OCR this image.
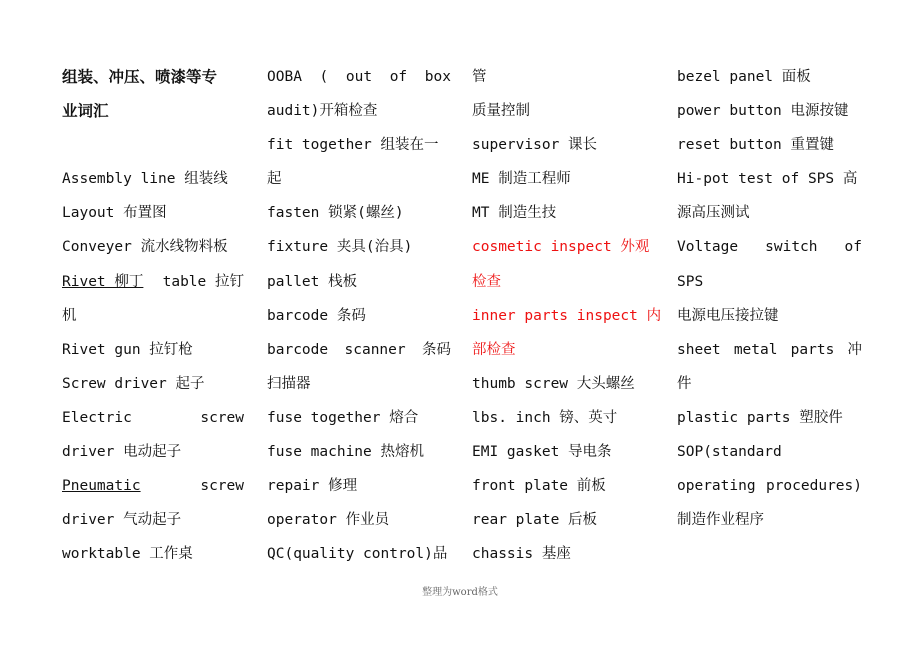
组装、冲压、喷漆等专
业词汇
Assembly line 组装线
Layout 布置图
Conveyer 流水线物料板
Rivet 柳丁 table 拉钉
机
Rivet gun 拉钉枪
Screw driver 起子
Electric	screw
driver 电动起子
Pneumatic	screw
driver 气动起子
worktable 工作桌
OOBA ( out of box
audit)开箱检查
fit together 组装在一
起
fasten 锁紧(螺丝)
fixture 夹具(治具)
pallet 栈板
barcode 条码
barcode scanner 条码
扫描器
fuse together 熔合
fuse machine 热熔机
repair 修理
operator 作业员
QC(quality control)品
管
质量控制
supervisor 课长
ME 制造工程师
MT 制造生技
cosmetic inspect 外观
检查
inner parts inspect 内
部检查
thumb screw 大头螺丝
lbs. inch 镑、英寸
EMI gasket 导电条
front plate 前板
rear plate 后板
chassis 基座
bezel panel 面板
power button 电源按键
reset button 重置键
Hi-pot test of SPS 高
源高压测试
Voltage switch of
SPS
电源电压接拉键
sheet metal parts 冲
件
plastic parts 塑胶件
SOP(standard
operating procedures)
制造作业程序
整理为word格式
